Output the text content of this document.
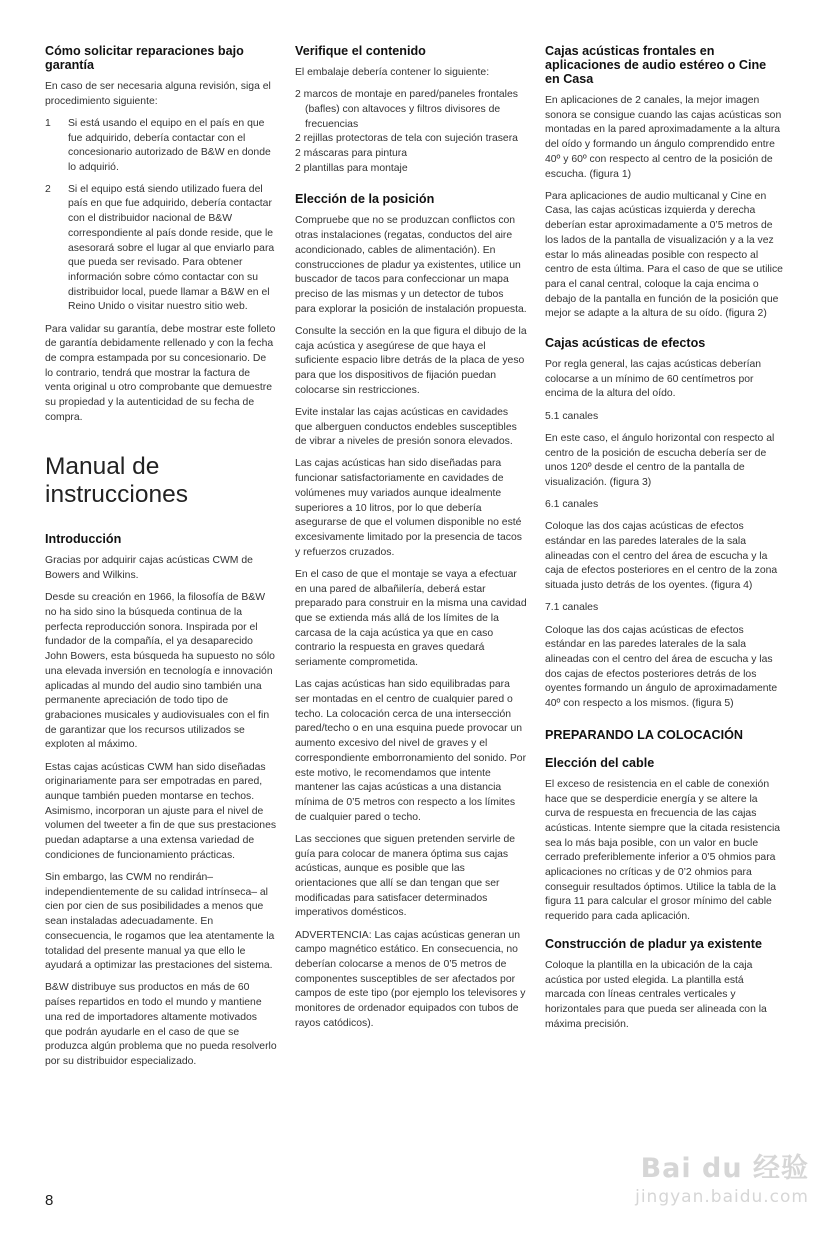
Cómo solicitar reparaciones bajo garantía

En caso de ser necesaria alguna revisión, siga el procedimiento siguiente:

1	Si está usando el equipo en el país en que fue adquirido, debería contactar con el concesionario autorizado de B&W en donde lo adquirió.
2	Si el equipo está siendo utilizado fuera del país en que fue adquirido, debería contactar con el distribuidor nacional de B&W correspondiente al país donde reside, que le asesorará sobre el lugar al que enviarlo para que pueda ser revisado. Para obtener información sobre cómo contactar con su distribuidor local, puede llamar a B&W en el Reino Unido o visitar nuestro sitio web.

Para validar su garantía, debe mostrar este folleto de garantía debidamente rellenado y con la fecha de compra estampada por su concesionario. De lo contrario, tendrá que mostrar la factura de venta original u otro comprobante que demuestre su propiedad y la autenticidad de su fecha de compra.

Manual de
instrucciones
Introducción

Gracias por adquirir cajas acústicas CWM de Bowers and Wilkins.

Desde su creación en 1966, la filosofía de B&W no ha sido sino la búsqueda continua de la perfecta reproducción sonora. Inspirada por el fundador de la compañía, el ya desaparecido John Bowers, esta búsqueda ha supuesto no sólo una elevada inversión en tecnología e innovación aplicadas al mundo del audio sino también una permanente apreciación de todo tipo de grabaciones musicales y audiovisuales con el fin de garantizar que los recursos utilizados se exploten al máximo.

Estas cajas acústicas CWM han sido diseñadas originariamente para ser empotradas en pared, aunque también pueden montarse en techos. Asimismo, incorporan un ajuste para el nivel de volumen del tweeter a fin de que sus prestaciones puedan adaptarse a una extensa variedad de condiciones de funcionamiento prácticas.

Sin embargo, las CWM no rendirán– independientemente de su calidad intrínseca– al cien por cien de sus posibilidades a menos que sean instaladas adecuadamente. En consecuencia, le rogamos que lea atentamente la totalidad del presente manual ya que ello le ayudará a optimizar las prestaciones del sistema.

B&W distribuye sus productos en más de 60 países repartidos en todo el mundo y mantiene una red de importadores altamente motivados que podrán ayudarle en el caso de que se produzca algún problema que no pueda resolverlo por su distribuidor especializado.

Verifique el contenido

El embalaje debería contener lo siguiente:

2 marcos de montaje en pared/paneles frontales (bafles) con altavoces y filtros divisores de frecuencias
2 rejillas protectoras de tela con sujeción trasera
2 máscaras para pintura
2 plantillas para montaje
Elección de la posición

Compruebe que no se produzcan conflictos con otras instalaciones (regatas, conductos del aire acondicionado, cables de alimentación). En construcciones de pladur ya existentes, utilice un buscador de tacos para confeccionar un mapa preciso de las mismas y un detector de tubos para explorar la posición de instalación propuesta.

Consulte la sección en la que figura el dibujo de la caja acústica y asegúrese de que haya el suficiente espacio libre detrás de la placa de yeso para que los dispositivos de fijación puedan colocarse sin restricciones.

Evite instalar las cajas acústicas en cavidades que alberguen conductos endebles susceptibles de vibrar a niveles de presión sonora elevados.

Las cajas acústicas han sido diseñadas para funcionar satisfactoriamente en cavidades de volúmenes muy variados aunque idealmente superiores a 10 litros, por lo que debería asegurarse de que el volumen disponible no esté excesivamente limitado por la presencia de tacos y refuerzos cruzados.

En el caso de que el montaje se vaya a efectuar en una pared de albañilería, deberá estar preparado para construir en la misma una cavidad que se extienda más allá de los límites de la carcasa de la caja acústica ya que en caso contrario la respuesta en graves quedará seriamente comprometida.

Las cajas acústicas han sido equilibradas para ser montadas en el centro de cualquier pared o techo. La colocación cerca de una intersección pared/techo o en una esquina puede provocar un aumento excesivo del nivel de graves y el correspondiente emborronamiento del sonido. Por este motivo, le recomendamos que intente mantener las cajas acústicas a una distancia mínima de 0’5 metros con respecto a los límites de cualquier pared o techo.

Las secciones que siguen pretenden servirle de guía para colocar de manera óptima sus cajas acústicas, aunque es posible que las orientaciones que allí se dan tengan que ser modificadas para satisfacer determinados imperativos domésticos.

ADVERTENCIA: Las cajas acústicas generan un campo magnético estático. En consecuencia, no deberían colocarse a menos de 0’5 metros de componentes susceptibles de ser afectados por campos de este tipo (por ejemplo los televisores y monitores de ordenador equipados con tubos de rayos catódicos).

Cajas acústicas frontales en aplicaciones de audio estéreo o Cine en Casa

En aplicaciones de 2 canales, la mejor imagen sonora se consigue cuando las cajas acústicas son montadas en la pared aproximadamente a la altura del oído y formando un ángulo comprendido entre 40º y 60º con respecto al centro de la posición de escucha. (figura 1)

Para aplicaciones de audio multicanal y Cine en Casa, las cajas acústicas izquierda y derecha deberían estar aproximadamente a 0’5 metros de los lados de la pantalla de visualización y a la vez estar lo más alineadas posible con respecto al centro de esta última. Para el caso de que se utilice para el canal central, coloque la caja encima o debajo de la pantalla en función de la posición que mejor se adapte a la altura de su oído. (figura 2)

Cajas acústicas de efectos

Por regla general, las cajas acústicas deberían colocarse a un mínimo de 60 centímetros por encima de la altura del oído.

5.1 canales

En este caso, el ángulo horizontal con respecto al centro de la posición de escucha debería ser de unos 120º desde el centro de la pantalla de visualización. (figura 3)

6.1 canales

Coloque las dos cajas acústicas de efectos estándar en las paredes laterales de la sala alineadas con el centro del área de escucha y la caja de efectos posteriores en el centro de la zona situada justo detrás de los oyentes. (figura 4)

7.1 canales

Coloque las dos cajas acústicas de efectos estándar en las paredes laterales de la sala alineadas con el centro del área de escucha y las dos cajas de efectos posteriores detrás de los oyentes formando un ángulo de aproximadamente 40º con respecto a los mismos. (figura 5)

PREPARANDO LA COLOCACIÓN
Elección del cable

El exceso de resistencia en el cable de conexión hace que se desperdicie energía y se altere la curva de respuesta en frecuencia de las cajas acústicas. Intente siempre que la citada resistencia sea lo más baja posible, con un valor en bucle cerrado preferiblemente inferior a 0’5 ohmios para aplicaciones no críticas y de 0’2 ohmios para conseguir resultados óptimos. Utilice la tabla de la figura 11 para calcular el grosor mínimo del cable requerido para cada aplicación.

Construcción de pladur ya existente

Coloque la plantilla en la ubicación de la caja acústica por usted elegida. La plantilla está marcada con líneas centrales verticales y horizontales para que pueda ser alineada con la máxima precisión.

8
Bai du 经验
jingyan.baidu.com
